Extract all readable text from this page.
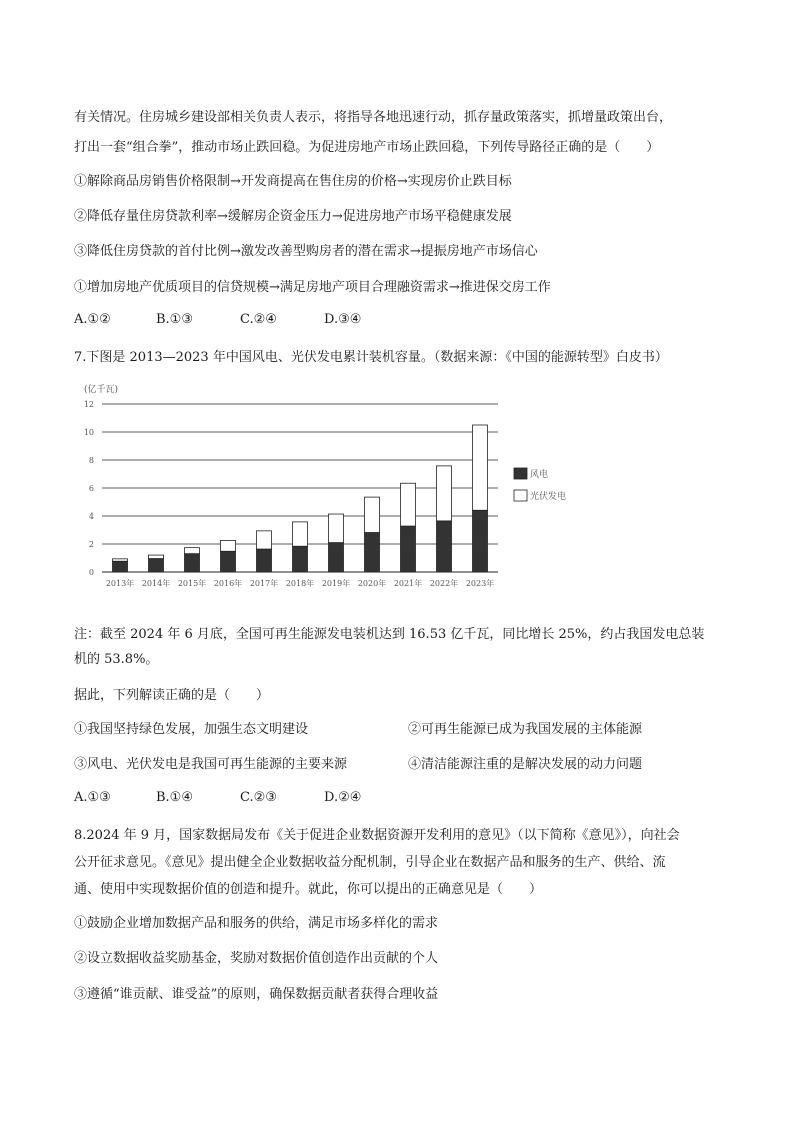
有关情况。住房城乡建设部相关负责人表示，将指导各地迅速行动，抓存量政策落实，抓增量政策出台，
打出一套“组合拳”，推动市场止跌回稳。为促进房地产市场止跌回稳，下列传导路径正确的是（　　）
①解除商品房销售价格限制→开发商提高在售住房的价格→实现房价止跌目标
②降低存量住房贷款利率→缓解房企资金压力→促进房地产市场平稳健康发展
③降低住房贷款的首付比例→激发改善型购房者的潜在需求→提振房地产市场信心
①增加房地产优质项目的信贷规模→满足房地产项目合理融资需求→推进保交房工作
A.①②	B.①③	C.②④	D.③④
7.下图是 2013—2023 年中国风电、光伏发电累计装机容量。（数据来源：《中国的能源转型》白皮书）
(亿千瓦)
0
2
4
6
8
10
12
2013年 2014年 2015年 2016年 2017年 2018年 2019年 2020年 2021年 2022年 2023年
风电
光伏发电
注：截至 2024 年 6 月底，全国可再生能源发电装机达到 16.53 亿千瓦，同比增长 25%，约占我国发电总装
机的 53.8%。
据此，下列解读正确的是（　　）
①我国坚持绿色发展，加强生态文明建设	②可再生能源已成为我国发展的主体能源
③风电、光伏发电是我国可再生能源的主要来源	④清洁能源注重的是解决发展的动力问题
A.①③	B.①④	C.②③	D.②④
8.2024 年 9 月，国家数据局发布《关于促进企业数据资源开发利用的意见》（以下简称《意见》），向社会
公开征求意见。《意见》提出健全企业数据收益分配机制，引导企业在数据产品和服务的生产、供给、流
通、使用中实现数据价值的创造和提升。就此，你可以提出的正确意见是（　　）
①鼓励企业增加数据产品和服务的供给，满足市场多样化的需求
②设立数据收益奖励基金，奖励对数据价值创造作出贡献的个人
③遵循“谁贡献、谁受益”的原则，确保数据贡献者获得合理收益
